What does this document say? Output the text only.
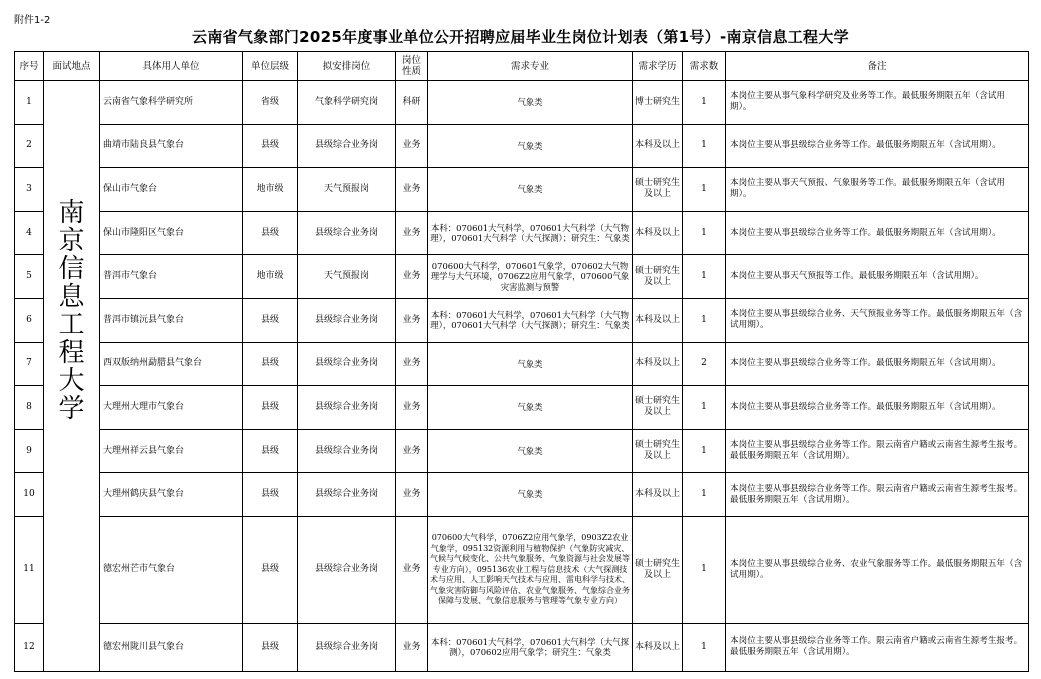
附件1-2
云南省气象部门2025年度事业单位公开招聘应届毕业生岗位计划表（第1号）-南京信息工程大学
序号	面试地点	具体用人单位	单位层级	拟安排岗位	岗位性质	需求专业	需求学历	需求数	备注
1	南京信息工程大学	云南省气象科学研究所	省级	气象科学研究岗	科研	气象类	博士研究生	1	本岗位主要从事气象科学研究及业务等工作。最低服务期限五年（含试用期）。
2		曲靖市陆良县气象台	县级	县级综合业务岗	业务	气象类	本科及以上	1	本岗位主要从事县级综合业务等工作。最低服务期限五年（含试用期）。
3		保山市气象台	地市级	天气预报岗	业务	气象类	硕士研究生及以上	1	本岗位主要从事天气预报、气象服务等工作。最低服务期限五年（含试用期）。
4		保山市隆阳区气象台	县级	县级综合业务岗	业务	本科：070601大气科学，070601大气科学（大气物理），070601大气科学（大气探测）；研究生：气象类	本科及以上	1	本岗位主要从事县级综合业务等工作。最低服务期限五年（含试用期）。
5		普洱市气象台	地市级	天气预报岗	业务	070600大气科学，070601气象学，070602大气物理学与大气环境，0706Z2应用气象学，070600气象灾害监测与预警	硕士研究生及以上	1	本岗位主要从事天气预报等工作。最低服务期限五年（含试用期）。
6		普洱市镇沅县气象台	县级	县级综合业务岗	业务	本科：070601大气科学，070601大气科学（大气物理），070601大气科学（大气探测）；研究生：气象类	本科及以上	1	本岗位主要从事县级综合业务、天气预报业务等工作。最低服务期限五年（含试用期）。
7		西双版纳州勐腊县气象台	县级	县级综合业务岗	业务	气象类	本科及以上	2	本岗位主要从事县级综合业务等工作。最低服务期限五年（含试用期）。
8		大理州大理市气象台	县级	县级综合业务岗	业务	气象类	硕士研究生及以上	1	本岗位主要从事县级综合业务等工作。最低服务期限五年（含试用期）。
9		大理州祥云县气象台	县级	县级综合业务岗	业务	气象类	硕士研究生及以上	1	本岗位主要从事县级综合业务等工作。限云南省户籍或云南省生源考生报考。最低服务期限五年（含试用期）。
10		大理州鹤庆县气象台	县级	县级综合业务岗	业务	气象类	本科及以上	1	本岗位主要从事县级综合业务等工作。限云南省户籍或云南省生源考生报考。最低服务期限五年（含试用期）。
11		德宏州芒市气象台	县级	县级综合业务岗	业务	070600大气科学，0706Z2应用气象学，0903Z2农业气象学，095132资源利用与植物保护（气象防灾减灾、气候与气候变化、公共气象服务、气象资源与社会发展等专业方向），095136农业工程与信息技术（大气探测技术与应用、人工影响天气技术与应用、雷电科学与技术、气象灾害防御与风险评估、农业气象服务、气象综合业务保障与发展、气象信息服务与管理等气象专业方向）	硕士研究生及以上	1	本岗位主要从事县级综合业务、农业气象服务等工作。最低服务期限五年（含试用期）。
12		德宏州陇川县气象台	县级	县级综合业务岗	业务	本科：070601大气科学，070601大气科学（大气探测），070602应用气象学；研究生：气象类	本科及以上	1	本岗位主要从事县级综合业务等工作。限云南省户籍或云南省生源考生报考。最低服务期限五年（含试用期）。
